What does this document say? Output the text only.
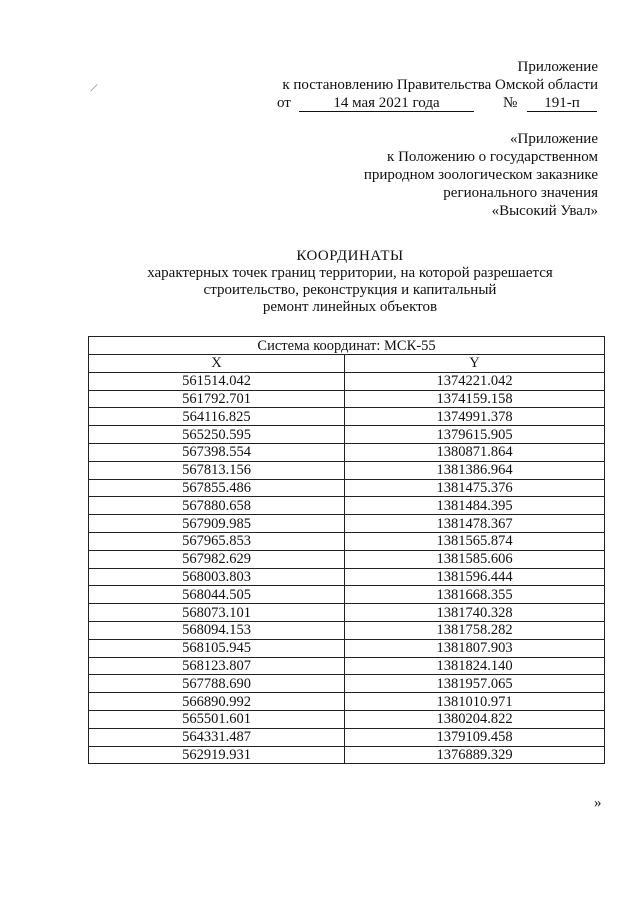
/
Приложение
к постановлению Правительства Омской области
от	14 мая 2021 года	№	191-п
«Приложение
к Положению о государственном
природном зоологическом заказнике
регионального значения
«Высокий Увал»
КООРДИНАТЫ
характерных точек границ территории, на которой разрешается
строительство, реконструкция и капитальный
ремонт линейных объектов
Система координат: МСК-55	
X	Y
561514.042	1374221.042
561792.701	1374159.158
564116.825	1374991.378
565250.595	1379615.905
567398.554	1380871.864
567813.156	1381386.964
567855.486	1381475.376
567880.658	1381484.395
567909.985	1381478.367
567965.853	1381565.874
567982.629	1381585.606
568003.803	1381596.444
568044.505	1381668.355
568073.101	1381740.328
568094.153	1381758.282
568105.945	1381807.903
568123.807	1381824.140
567788.690	1381957.065
566890.992	1381010.971
565501.601	1380204.822
564331.487	1379109.458
562919.931	1376889.329
»
